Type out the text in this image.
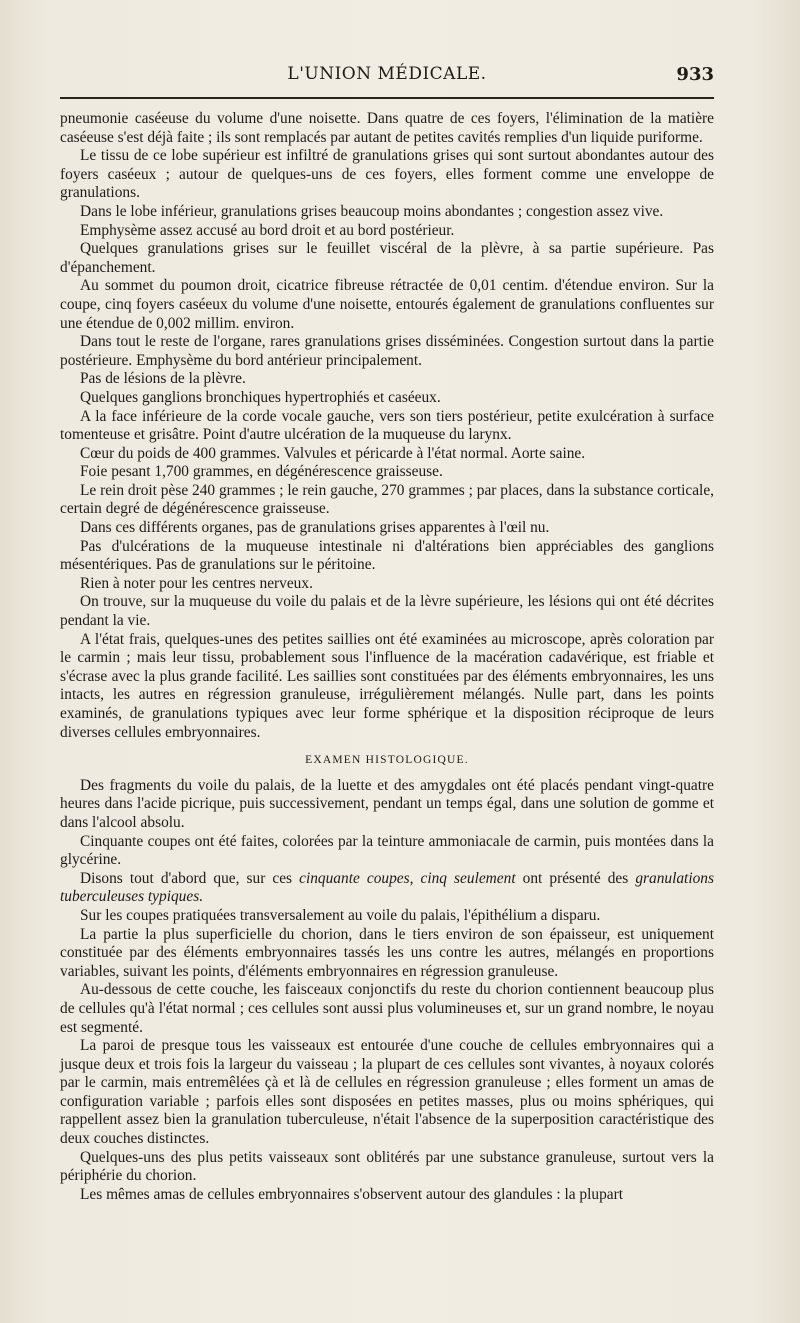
L'UNION MÉDICALE.	933

pneumonie caséeuse du volume d'une noisette. Dans quatre de ces foyers, l'élimination de la matière caséeuse s'est déjà faite ; ils sont remplacés par autant de petites cavités remplies d'un liquide puriforme.

Le tissu de ce lobe supérieur est infiltré de granulations grises qui sont surtout abondantes autour des foyers caséeux ; autour de quelques-uns de ces foyers, elles forment comme une enveloppe de granulations.

Dans le lobe inférieur, granulations grises beaucoup moins abondantes ; congestion assez vive.

Emphysème assez accusé au bord droit et au bord postérieur.

Quelques granulations grises sur le feuillet viscéral de la plèvre, à sa partie supérieure. Pas d'épanchement.

Au sommet du poumon droit, cicatrice fibreuse rétractée de 0,01 centim. d'étendue environ. Sur la coupe, cinq foyers caséeux du volume d'une noisette, entourés également de granulations confluentes sur une étendue de 0,002 millim. environ.

Dans tout le reste de l'organe, rares granulations grises disséminées. Congestion surtout dans la partie postérieure. Emphysème du bord antérieur principalement.

Pas de lésions de la plèvre.

Quelques ganglions bronchiques hypertrophiés et caséeux.

A la face inférieure de la corde vocale gauche, vers son tiers postérieur, petite exulcération à surface tomenteuse et grisâtre. Point d'autre ulcération de la muqueuse du larynx.

Cœur du poids de 400 grammes. Valvules et péricarde à l'état normal. Aorte saine.

Foie pesant 1,700 grammes, en dégénérescence graisseuse.

Le rein droit pèse 240 grammes ; le rein gauche, 270 grammes ; par places, dans la substance corticale, certain degré de dégénérescence graisseuse.

Dans ces différents organes, pas de granulations grises apparentes à l'œil nu.

Pas d'ulcérations de la muqueuse intestinale ni d'altérations bien appréciables des ganglions mésentériques. Pas de granulations sur le péritoine.

Rien à noter pour les centres nerveux.

On trouve, sur la muqueuse du voile du palais et de la lèvre supérieure, les lésions qui ont été décrites pendant la vie.

A l'état frais, quelques-unes des petites saillies ont été examinées au microscope, après coloration par le carmin ; mais leur tissu, probablement sous l'influence de la macération cadavérique, est friable et s'écrase avec la plus grande facilité. Les saillies sont constituées par des éléments embryonnaires, les uns intacts, les autres en régression granuleuse, irrégulièrement mélangés. Nulle part, dans les points examinés, de granulations typiques avec leur forme sphérique et la disposition réciproque de leurs diverses cellules embryonnaires.

EXAMEN HISTOLOGIQUE.

Des fragments du voile du palais, de la luette et des amygdales ont été placés pendant vingt-quatre heures dans l'acide picrique, puis successivement, pendant un temps égal, dans une solution de gomme et dans l'alcool absolu.

Cinquante coupes ont été faites, colorées par la teinture ammoniacale de carmin, puis montées dans la glycérine.

Disons tout d'abord que, sur ces cinquante coupes, cinq seulement ont présenté des granulations tuberculeuses typiques.

Sur les coupes pratiquées transversalement au voile du palais, l'épithélium a disparu.

La partie la plus superficielle du chorion, dans le tiers environ de son épaisseur, est uniquement constituée par des éléments embryonnaires tassés les uns contre les autres, mélangés en proportions variables, suivant les points, d'éléments embryonnaires en régression granuleuse.

Au-dessous de cette couche, les faisceaux conjonctifs du reste du chorion contiennent beaucoup plus de cellules qu'à l'état normal ; ces cellules sont aussi plus volumineuses et, sur un grand nombre, le noyau est segmenté.

La paroi de presque tous les vaisseaux est entourée d'une couche de cellules embryonnaires qui a jusque deux et trois fois la largeur du vaisseau ; la plupart de ces cellules sont vivantes, à noyaux colorés par le carmin, mais entremêlées çà et là de cellules en régression granuleuse ; elles forment un amas de configuration variable ; parfois elles sont disposées en petites masses, plus ou moins sphériques, qui rappellent assez bien la granulation tuberculeuse, n'était l'absence de la superposition caractéristique des deux couches distinctes.

Quelques-uns des plus petits vaisseaux sont oblitérés par une substance granuleuse, surtout vers la périphérie du chorion.

Les mêmes amas de cellules embryonnaires s'observent autour des glandules : la plupart
